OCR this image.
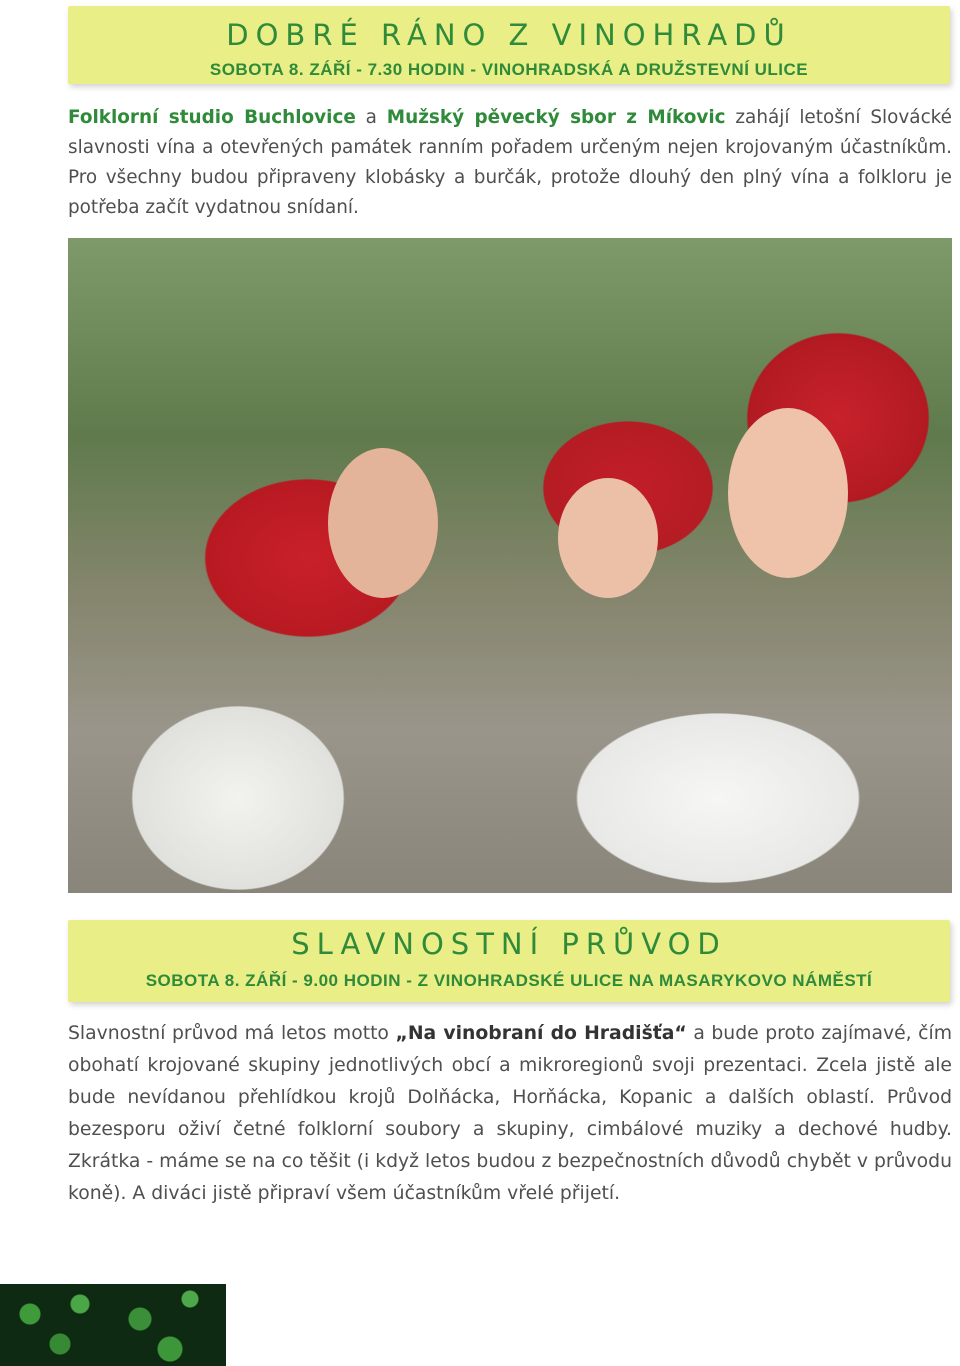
DOBRÉ RÁNO Z VINOHRADŮ
SOBOTA 8. ZÁŘÍ - 7.30 HODIN - VINOHRADSKÁ A DRUŽSTEVNÍ ULICE
Folklorní studio Buchlovice a Mužský pěvecký sbor z Míkovic zahájí letošní Slovácké slavnosti vína a otevřených památek ranním pořadem určeným nejen krojovaným účastníkům. Pro všechny budou připraveny klobásky a burčák, protože dlouhý den plný vína a folkloru je potřeba začít vydatnou snídaní.
SLAVNOSTNÍ PRŮVOD
SOBOTA 8. ZÁŘÍ - 9.00 HODIN - Z VINOHRADSKÉ ULICE NA MASARYKOVO NÁMĚSTÍ
Slavnostní průvod má letos motto „Na vinobraní do Hradišťa“ a bude proto zajímavé, čím obohatí krojované skupiny jednotlivých obcí a mikroregionů svoji prezentaci. Zcela jistě ale bude nevídanou přehlídkou krojů Dolňácka, Horňácka, Kopanic a dalších oblastí. Průvod bezesporu oživí četné folklorní soubory a skupiny, cimbálové muziky a dechové hudby. Zkrátka - máme se na co těšit (i když letos budou z bezpečnostních důvodů chybět v průvodu koně). A diváci jistě připraví všem účastníkům vřelé přijetí.
